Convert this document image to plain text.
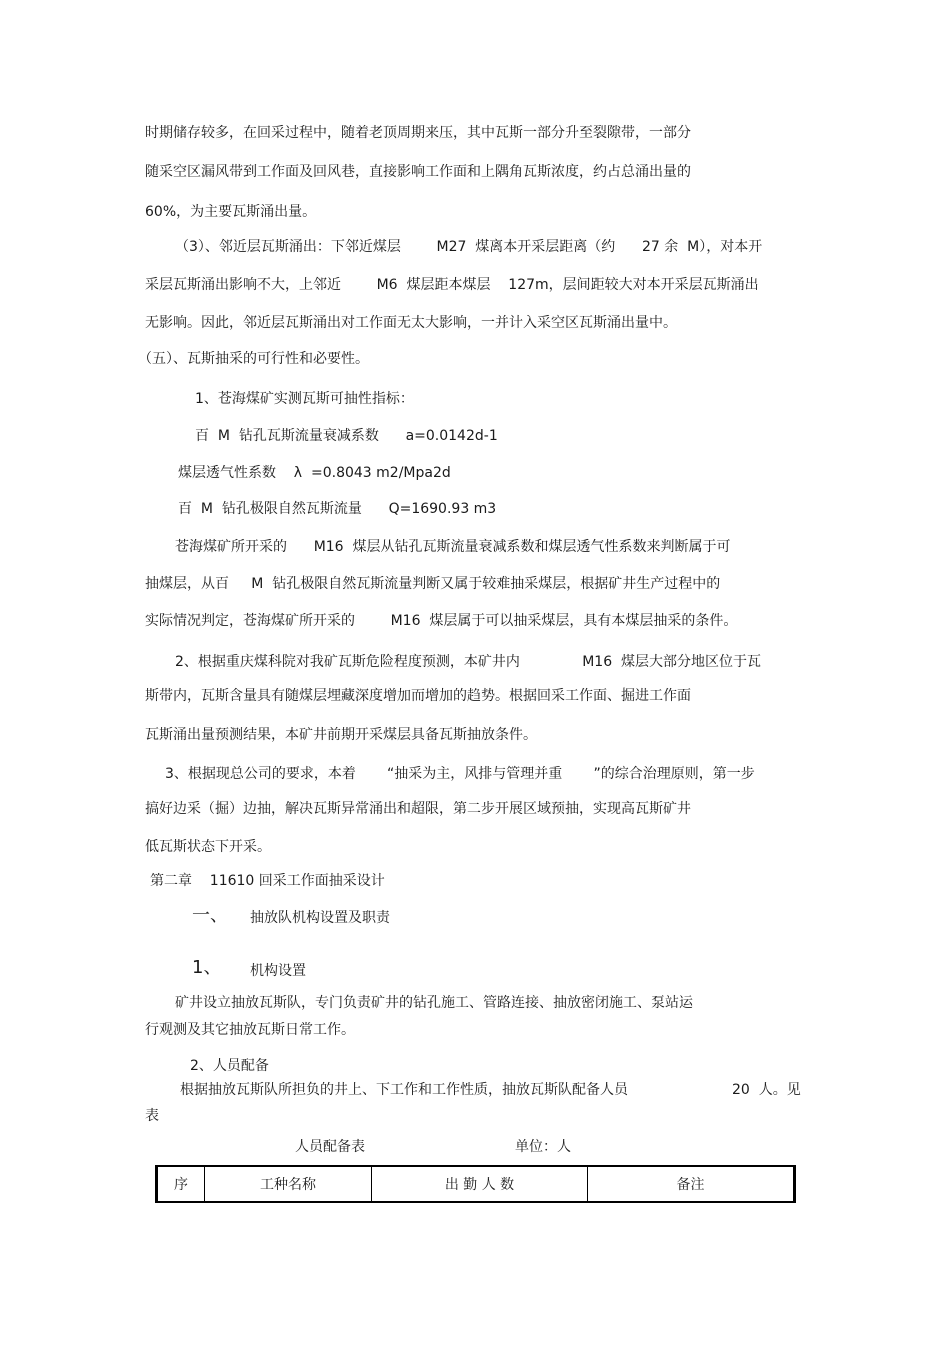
时期储存较多，在回采过程中，随着老顶周期来压，其中瓦斯一部分升至裂隙带，一部分
随采空区漏风带到工作面及回风巷，直接影响工作面和上隅角瓦斯浓度，约占总涌出量的
60%，为主要瓦斯涌出量。
（3）、邻近层瓦斯涌出：下邻近煤层        M27  煤离本开采层距离（约      27 余  M），对本开
采层瓦斯涌出影响不大，上邻近        M6  煤层距本煤层    127m，层间距较大对本开采层瓦斯涌出
无影响。因此，邻近层瓦斯涌出对工作面无太大影响，一并计入采空区瓦斯涌出量中。
（五）、瓦斯抽采的可行性和必要性。
1、苍海煤矿实测瓦斯可抽性指标：
百  M  钻孔瓦斯流量衰减系数      a=0.0142d-1
煤层透气性系数    λ  =0.8043 m2/Mpa2d
百  M  钻孔极限自然瓦斯流量      Q=1690.93 m3
苍海煤矿所开采的      M16  煤层从钻孔瓦斯流量衰减系数和煤层透气性系数来判断属于可
抽煤层，从百     M  钻孔极限自然瓦斯流量判断又属于较难抽采煤层，根据矿井生产过程中的
实际情况判定，苍海煤矿所开采的        M16  煤层属于可以抽采煤层，具有本煤层抽采的条件。
2、根据重庆煤科院对我矿瓦斯危险程度预测，本矿井内              M16  煤层大部分地区位于瓦
斯带内，瓦斯含量具有随煤层埋藏深度增加而增加的趋势。根据回采工作面、掘进工作面
瓦斯涌出量预测结果，本矿井前期开采煤层具备瓦斯抽放条件。
3、根据现总公司的要求，本着       “抽采为主，风排与管理并重       ”的综合治理原则，第一步
搞好边采（掘）边抽，解决瓦斯异常涌出和超限，第二步开展区域预抽，实现高瓦斯矿井
低瓦斯状态下开采。
第二章    11610 回采工作面抽采设计
一、 抽放队机构设置及职责
1、 机构设置
矿井设立抽放瓦斯队，专门负责矿井的钻孔施工、管路连接、抽放密闭施工、泵站运
行观测及其它抽放瓦斯日常工作。
2、人员配备
根据抽放瓦斯队所担负的井上、下工作和工作性质，抽放瓦斯队配备人员	20  人。见
表
人员配备表	单位：人
序	工种名称	出 勤 人 数	备注
